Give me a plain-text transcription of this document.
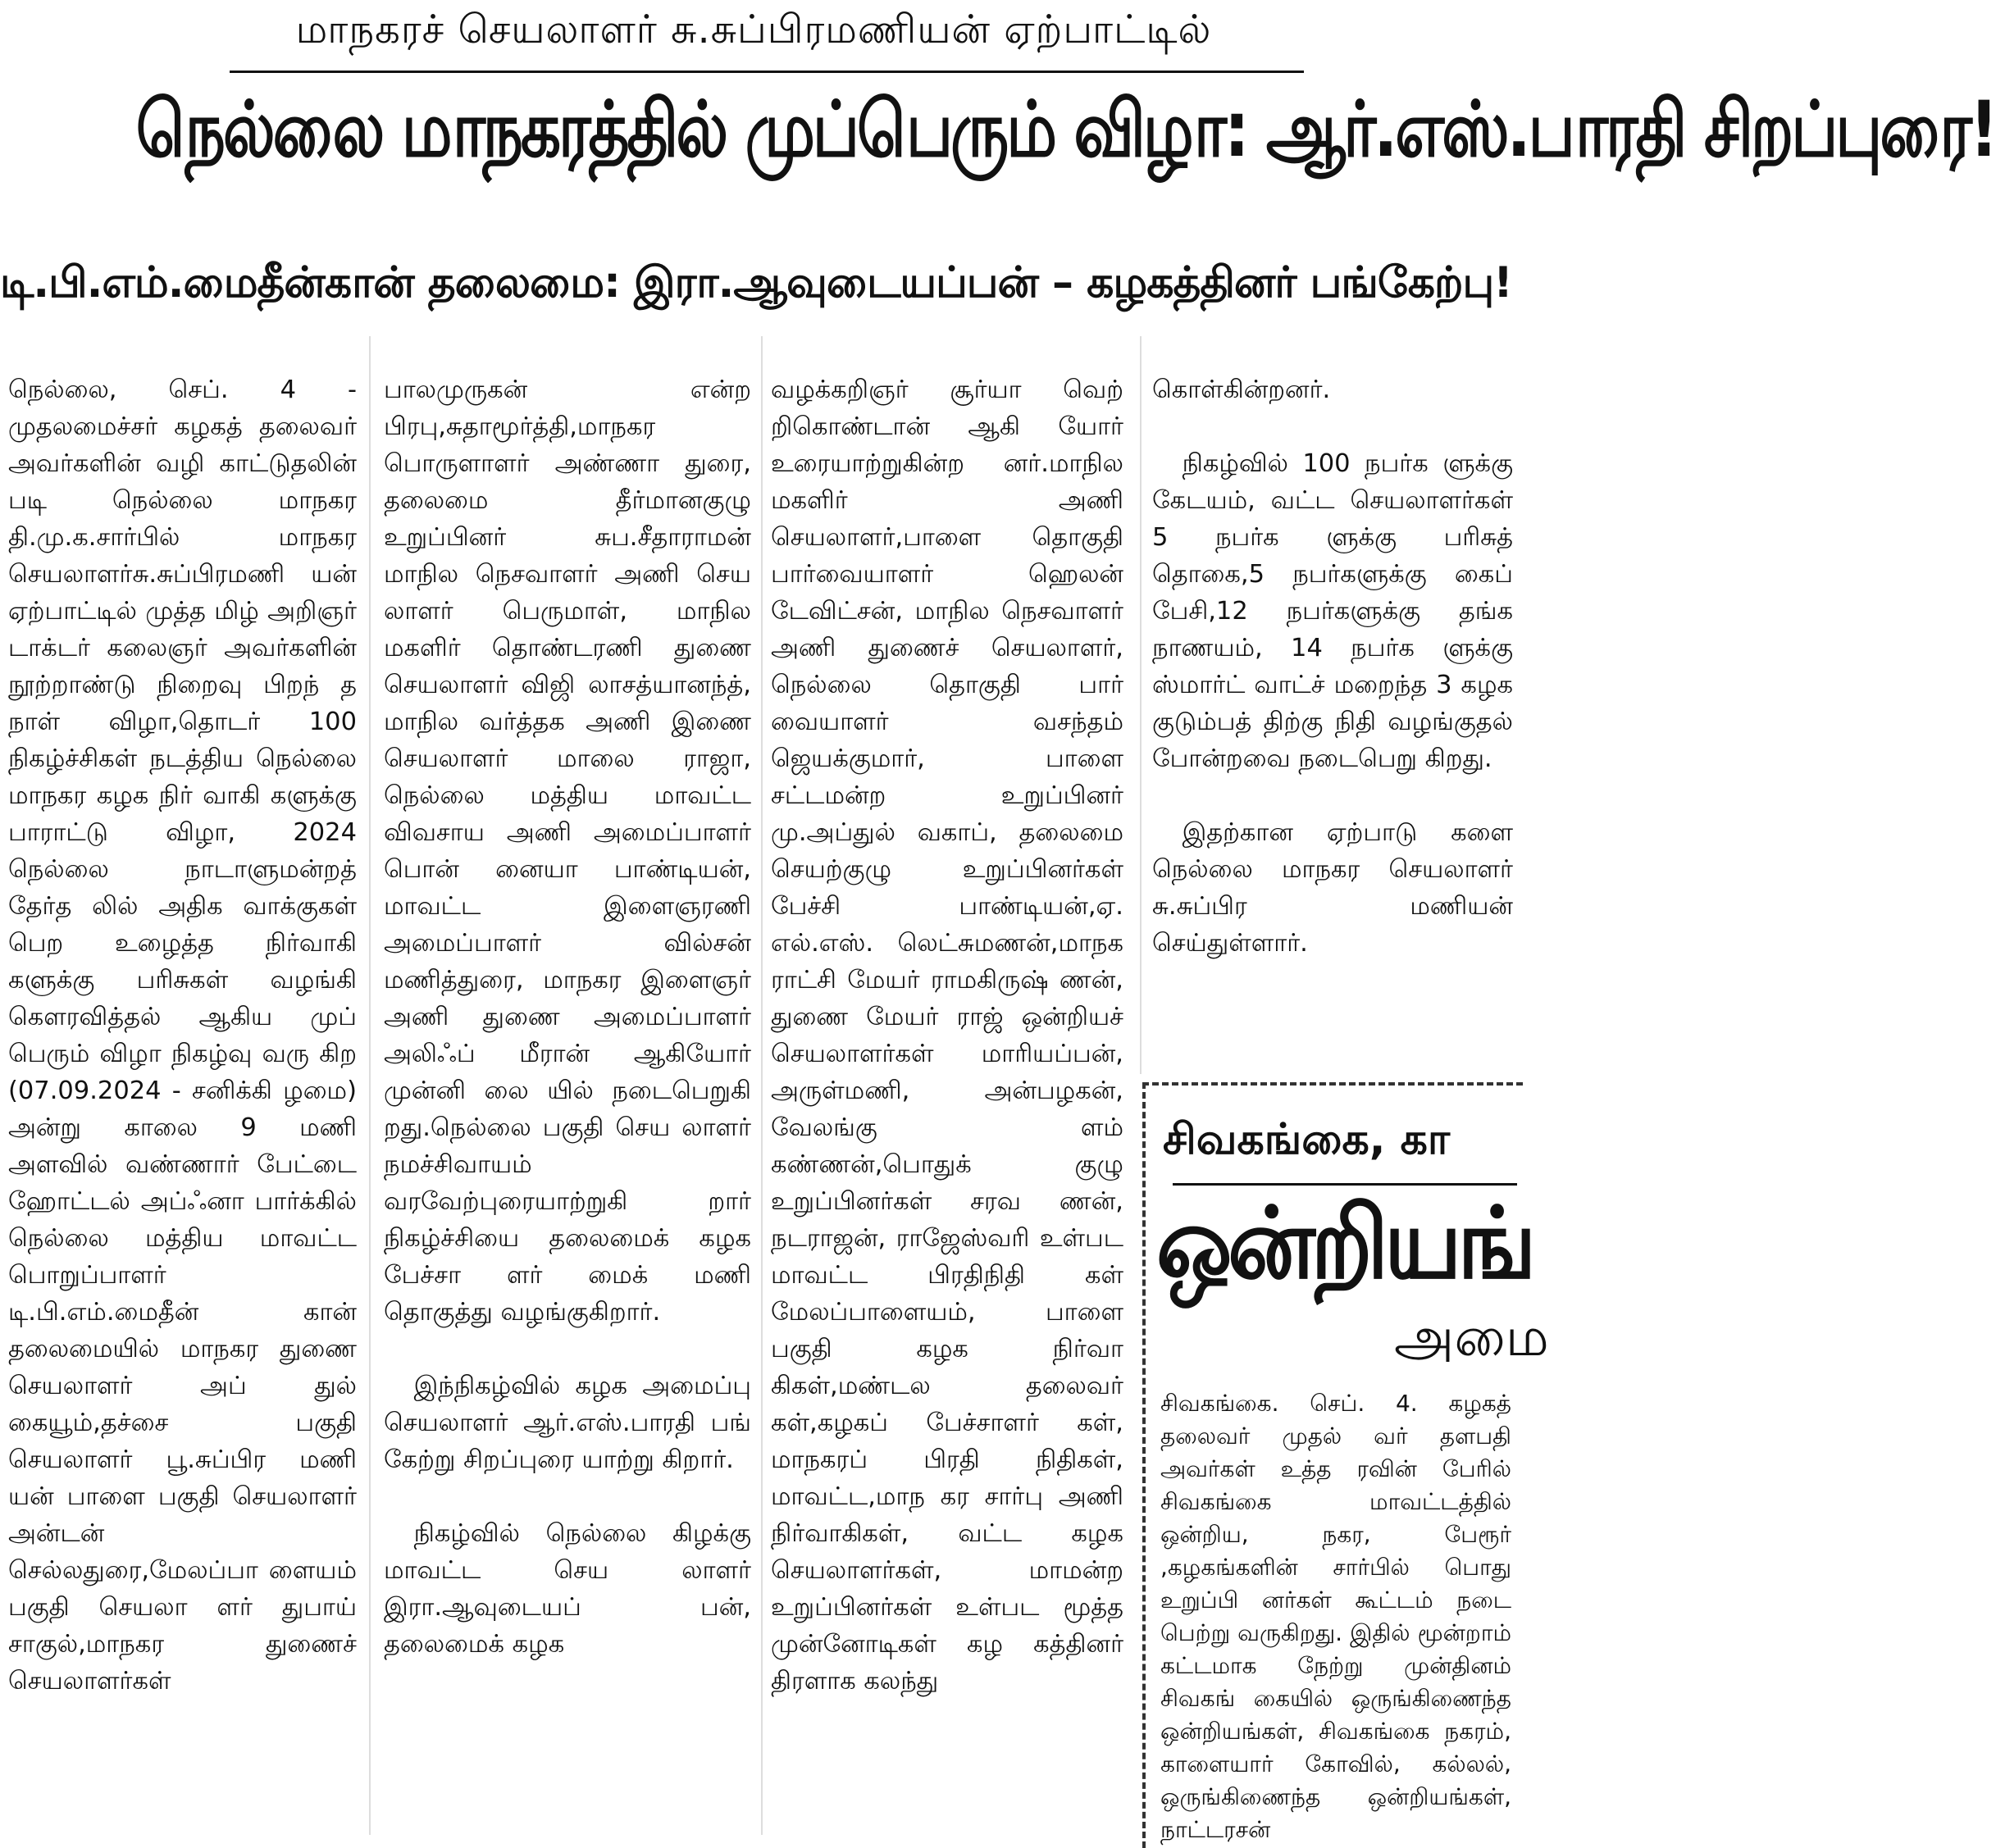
மாநகரச் செயலாளர் சு.சுப்பிரமணியன் ஏற்பாட்டில்
நெல்லை மாநகரத்தில் முப்பெரும் விழா: ஆர்.எஸ்.பாரதி சிறப்புரை!
டி.பி.எம்.மைதீன்கான் தலைமை: இரா.ஆவுடையப்பன் – கழகத்தினர் பங்கேற்பு!

நெல்லை, செப். 4 - முதலமைச்சர் கழகத் தலைவர் அவர்களின் வழி காட்டுதலின் படி நெல்லை மாநகர தி.மு.க.சார்பில் மாநகர செயலாளர்சு.சுப்பிரமணி யன் ஏற்பாட்டில் முத்த மிழ் அறிஞர் டாக்டர் கலைஞர் அவர்களின் நூற்றாண்டு நிறைவு பிறந் த நாள் விழா,தொடர் 100 நிகழ்ச்சிகள் நடத்திய நெல்லை மாநகர கழக நிர் வாகி களுக்கு பாராட்டு விழா, 2024 நெல்லை நாடாளுமன்றத் தேர்த லில் அதிக வாக்குகள் பெற உழைத்த நிர்வாகி களுக்கு பரிசுகள் வழங்கி கௌரவித்தல் ஆகிய முப் பெரும் விழா நிகழ்வு வரு கிற (07.09.2024 - சனிக்கி ழமை) அன்று காலை 9 மணி அளவில் வண்ணார் பேட்டை ஹோட்டல் அப்ஃனா பார்க்கில் நெல்லை மத்திய மாவட்ட பொறுப்பாளர் டி.பி.எம்.மைதீன் கான் தலைமையில் மாநகர துணை செயலாளர் அப் துல் கையூம்,தச்சை பகுதி செயலாளர் பூ.சுப்பிர மணி யன் பாளை பகுதி செயலாளர் அன்டன் செல்லதுரை,மேலப்பா ளையம் பகுதி செயலா ளர் துபாய் சாகுல்,மாநகர துணைச் செயலாளர்கள்

பாலமுருகன் என்ற பிரபு,சுதாமூர்த்தி,மாநகர பொருளாளர் அண்ணா துரை, தலைமை தீர்மானகுழு உறுப்பினர் சுப.சீதாராமன் மாநில நெசவாளர் அணி செய லாளர் பெருமாள், மாநில மகளிர் தொண்டரணி துணை செயலாளர் விஜி லாசத்யானந்த், மாநில வர்த்தக அணி இணை செயலாளர் மாலை ராஜா, நெல்லை மத்திய மாவட்ட விவசாய அணி அமைப்பாளர் பொன் னையா பாண்டியன், மாவட்ட இளைஞரணி அமைப்பாளர் வில்சன் மணித்துரை, மாநகர இளைஞர் அணி துணை அமைப்பாளர் அலிஃப் மீரான் ஆகியோர் முன்னி லை யில் நடைபெறுகி றது.நெல்லை பகுதி செய லாளர் நமச்சிவாயம் வரவேற்புரையாற்றுகி றார் நிகழ்ச்சியை தலைமைக் கழக பேச்சா ளர் மைக் மணி தொகுத்து வழங்குகிறார்.

இந்நிகழ்வில் கழக அமைப்பு செயலாளர் ஆர்.எஸ்.பாரதி பங் கேற்று சிறப்புரை யாற்று கிறார்.

நிகழ்வில் நெல்லை கிழக்கு மாவட்ட செய லாளர் இரா.ஆவுடையப் பன், தலைமைக் கழக

வழக்கறிஞர் சூர்யா வெற் றிகொண்டான் ஆகி யோர் உரையாற்றுகின்ற னர்.மாநில மகளிர் அணி செயலாளர்,பாளை தொகுதி பார்வையாளர் ஹெலன் டேவிட்சன், மாநில நெசவாளர் அணி துணைச் செயலாளர், நெல்லை தொகுதி பார் வையாளர் வசந்தம் ஜெயக்குமார், பாளை சட்டமன்ற உறுப்பினர் மு.அப்துல் வகாப், தலைமை செயற்குழு உறுப்பினர்கள் பேச்சி பாண்டியன்,ஏ. எல்.எஸ். லெட்சுமணன்,மாநக ராட்சி மேயர் ராமகிருஷ் ணன், துணை மேயர் ராஜ் ஒன்றியச் செயலாளர்கள் மாரியப்பன், அருள்மணி, அன்பழகன், வேலங்கு ளம் கண்ணன்,பொதுக் குழு உறுப்பினர்கள் சரவ ணன், நடராஜன், ராஜேஸ்வரி உள்பட மாவட்ட பிரதிநிதி கள் மேலப்பாளையம், பாளை பகுதி கழக நிர்வா கிகள்,மண்டல தலைவர் கள்,கழகப் பேச்சாளர் கள், மாநகரப் பிரதி நிதிகள், மாவட்ட,மாந கர சார்பு அணி நிர்வாகிகள், வட்ட கழக செயலாளர்கள், மாமன்ற உறுப்பினர்கள் உள்பட மூத்த முன்னோடிகள் கழ கத்தினர் திரளாக கலந்து

கொள்கின்றனர்.

நிகழ்வில் 100 நபர்க ளுக்கு கேடயம், வட்ட செயலாளர்கள் 5 நபர்க ளுக்கு பரிசுத் தொகை,5 நபர்களுக்கு கைப் பேசி,12 நபர்களுக்கு தங்க நாணயம், 14 நபர்க ளுக்கு ஸ்மார்ட் வாட்ச் மறைந்த 3 கழக குடும்பத் திற்கு நிதி வழங்குதல் போன்றவை நடைபெறு கிறது.

இதற்கான ஏற்பாடு களை நெல்லை மாநகர செயலாளர் சு.சுப்பிர மணியன் செய்துள்ளார்.

சிவகங்கை, கா
ஒன்றியங்
அமை
சிவகங்கை. செப். 4. கழகத் தலைவர் முதல் வர் தளபதி அவர்கள் உத்த ரவின் பேரில் சிவகங்கை மாவட்டத்தில் ஒன்றிய, நகர, பேரூர் ,கழகங்களின் சார்பில் பொது உறுப்பி னர்கள் கூட்டம் நடை பெற்று வருகிறது. இதில் மூன்றாம் கட்டமாக நேற்று முன்தினம் சிவகங் கையில் ஒருங்கிணைந்த ஒன்றியங்கள், சிவகங்கை நகரம், காளையார் கோவில், கல்லல், ஒருங்கிணைந்த ஒன்றியங்கள், நாட்டரசன்
